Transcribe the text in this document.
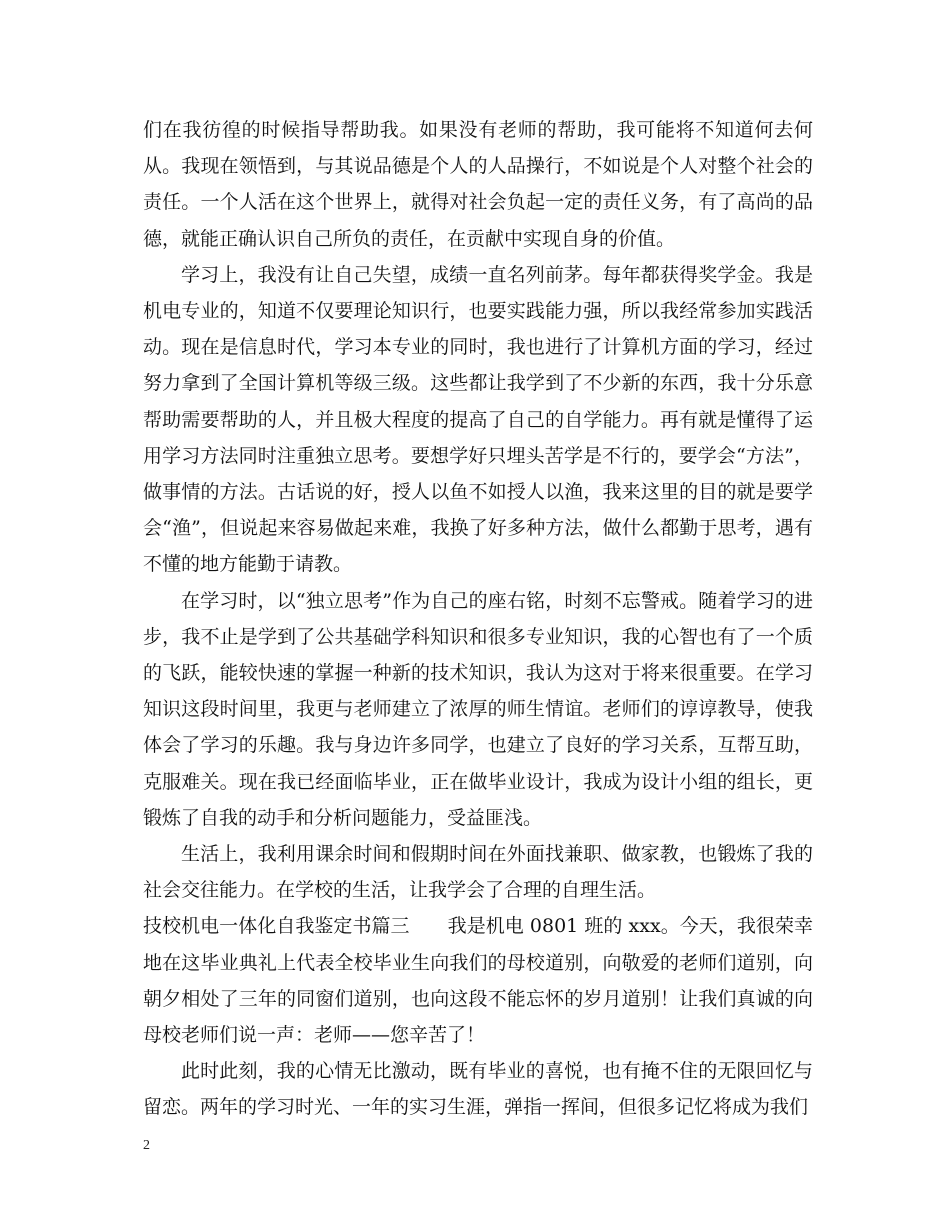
们在我彷徨的时候指导帮助我。如果没有老师的帮助，我可能将不知道何去何从。我现在领悟到，与其说品德是个人的人品操行，不如说是个人对整个社会的责任。一个人活在这个世界上，就得对社会负起一定的责任义务，有了高尚的品德，就能正确认识自己所负的责任，在贡献中实现自身的价值。

学习上，我没有让自己失望，成绩一直名列前茅。每年都获得奖学金。我是机电专业的，知道不仅要理论知识行，也要实践能力强，所以我经常参加实践活动。现在是信息时代，学习本专业的同时，我也进行了计算机方面的学习，经过努力拿到了全国计算机等级三级。这些都让我学到了不少新的东西，我十分乐意帮助需要帮助的人，并且极大程度的提高了自己的自学能力。再有就是懂得了运用学习方法同时注重独立思考。要想学好只埋头苦学是不行的，要学会“方法”，做事情的方法。古话说的好，授人以鱼不如授人以渔，我来这里的目的就是要学会“渔”，但说起来容易做起来难，我换了好多种方法，做什么都勤于思考，遇有不懂的地方能勤于请教。

在学习时，以“独立思考”作为自己的座右铭，时刻不忘警戒。随着学习的进步，我不止是学到了公共基础学科知识和很多专业知识，我的心智也有了一个质的飞跃，能较快速的掌握一种新的技术知识，我认为这对于将来很重要。在学习知识这段时间里，我更与老师建立了浓厚的师生情谊。老师们的谆谆教导，使我体会了学习的乐趣。我与身边许多同学，也建立了良好的学习关系，互帮互助，克服难关。现在我已经面临毕业，正在做毕业设计，我成为设计小组的组长，更锻炼了自我的动手和分析问题能力，受益匪浅。

生活上，我利用课余时间和假期时间在外面找兼职、做家教，也锻炼了我的社会交往能力。在学校的生活，让我学会了合理的自理生活。

技校机电一体化自我鉴定书篇三　　我是机电 0801 班的 xxx。今天，我很荣幸地在这毕业典礼上代表全校毕业生向我们的母校道别，向敬爱的老师们道别，向朝夕相处了三年的同窗们道别，也向这段不能忘怀的岁月道别！让我们真诚的向母校老师们说一声：老师——您辛苦了！

此时此刻，我的心情无比激动，既有毕业的喜悦，也有掩不住的无限回忆与留恋。两年的学习时光、一年的实习生涯，弹指一挥间，但很多记忆将成为我们

2
